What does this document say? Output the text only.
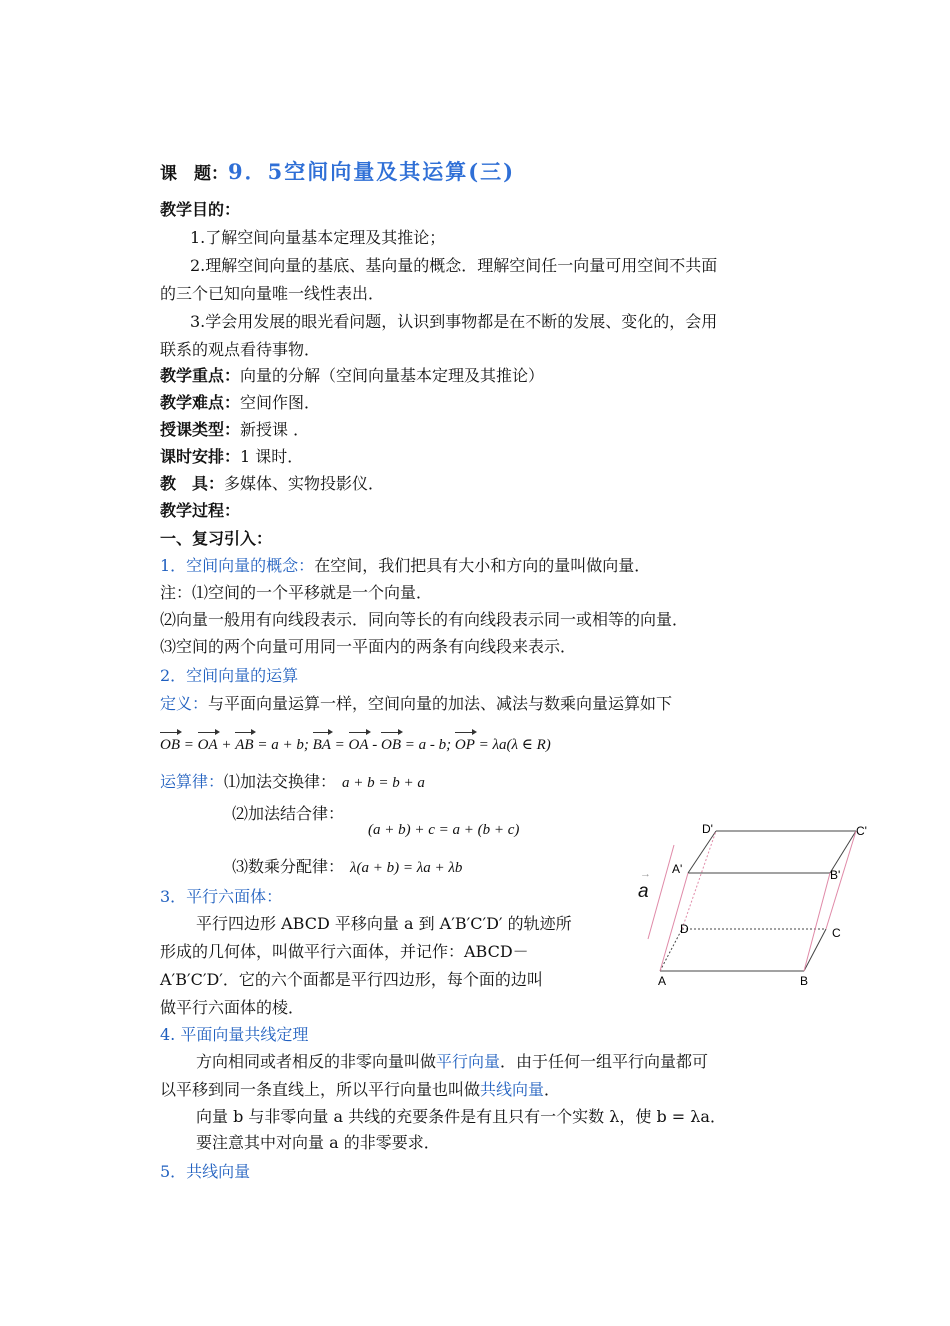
课　题：9．5空间向量及其运算(三)
教学目的：
1.了解空间向量基本定理及其推论；
2.理解空间向量的基底、基向量的概念．理解空间任一向量可用空间不共面
的三个已知向量唯一线性表出．
3.学会用发展的眼光看问题，认识到事物都是在不断的发展、变化的，会用
联系的观点看待事物．
教学重点：向量的分解（空间向量基本定理及其推论）
教学难点：空间作图．
授课类型：新授课 ．
课时安排：1 课时．
教　具：多媒体、实物投影仪．
教学过程：
一、复习引入：
1．空间向量的概念：在空间，我们把具有大小和方向的量叫做向量．
注：⑴空间的一个平移就是一个向量．
⑵向量一般用有向线段表示．同向等长的有向线段表示同一或相等的向量．
⑶空间的两个向量可用同一平面内的两条有向线段来表示．
2．空间向量的运算
定义：与平面向量运算一样，空间向量的加法、减法与数乘向量运算如下
OB = OA + AB = a + b; BA = OA - OB = a - b; OP = λa(λ ∈ R)
运算律：⑴加法交换律： a + b = b + a
⑵加法结合律：
(a + b) + c = a + (b + c)
⑶数乘分配律： λ(a + b) = λa + λb
3．平行六面体：
平行四边形 ABCD 平移向量 a 到 A′B′C′D′ 的轨迹所
形成的几何体，叫做平行六面体，并记作：ABCD－
A′B′C′D′．它的六个面都是平行四边形，每个面的边叫
做平行六面体的棱．
→
a
D'	C'
A'	B'
D	C
A	B
4. 平面向量共线定理
方向相同或者相反的非零向量叫做平行向量．由于任何一组平行向量都可
以平移到同一条直线上，所以平行向量也叫做共线向量．
向量 b 与非零向量 a 共线的充要条件是有且只有一个实数 λ，使 b = λa．
要注意其中对向量 a 的非零要求．
5．共线向量
